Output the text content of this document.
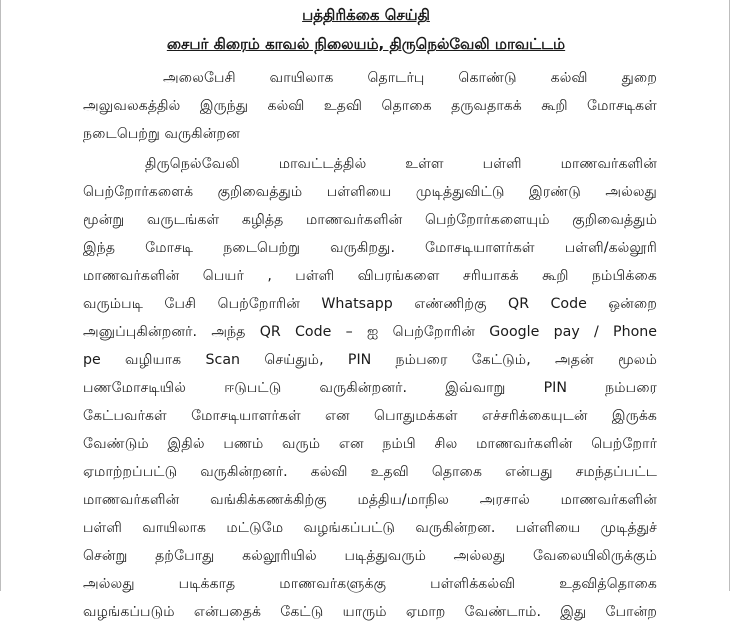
பத்திரிக்கை செய்தி
சைபர் கிரைம் காவல் நிலையம், திருநெல்வேலி மாவட்டம்
அலைபேசி வாயிலாக தொடர்பு கொண்டு கல்வி துறை
அலுவலகத்தில் இருந்து கல்வி உதவி தொகை தருவதாகக் கூறி மோசடிகள்
நடைபெற்று வருகின்றன
திருநெல்வேலி மாவட்டத்தில் உள்ள பள்ளி மாணவர்களின்
பெற்றோர்களைக் குறிவைத்தும் பள்ளியை முடித்துவிட்டு இரண்டு அல்லது
மூன்று வருடங்கள் கழித்த மாணவர்களின் பெற்றோர்களையும் குறிவைத்தும்
இந்த மோசடி நடைபெற்று வருகிறது. மோசடியாளர்கள் பள்ளி/கல்லூரி
மாணவர்களின் பெயர் , பள்ளி விபரங்களை சரியாகக் கூறி நம்பிக்கை
வரும்படி பேசி பெற்றோரின் Whatsapp எண்ணிற்கு QR Code ஒன்றை
அனுப்புகின்றனர். அந்த QR Code – ஐ பெற்றோரின் Google pay / Phone
pe வழியாக Scan செய்தும், PIN நம்பரை கேட்டும், அதன் மூலம்
பணமோசடியில் ஈடுபட்டு வருகின்றனர். இவ்வாறு PIN நம்பரை
கேட்பவர்கள் மோசடியாளர்கள் என பொதுமக்கள் எச்சரிக்கையுடன் இருக்க
வேண்டும் இதில் பணம் வரும் என நம்பி சில மாணவர்களின் பெற்றோர்
ஏமாற்றப்பட்டு வருகின்றனர். கல்வி உதவி தொகை என்பது சமந்தப்பட்ட
மாணவர்களின் வங்கிக்கணக்கிற்கு மத்திய/மாநில அரசால் மாணவர்களின்
பள்ளி வாயிலாக மட்டுமே வழங்கப்பட்டு வருகின்றன. பள்ளியை முடித்துச்
சென்று தற்போது கல்லூரியில் படித்துவரும் அல்லது வேலையிலிருக்கும்
அல்லது படிக்காத மாணவர்களுக்கு பள்ளிக்கல்வி உதவித்தொகை
வழங்கப்படும் என்பதைக் கேட்டு யாரும் ஏமாற வேண்டாம். இது போன்ற
